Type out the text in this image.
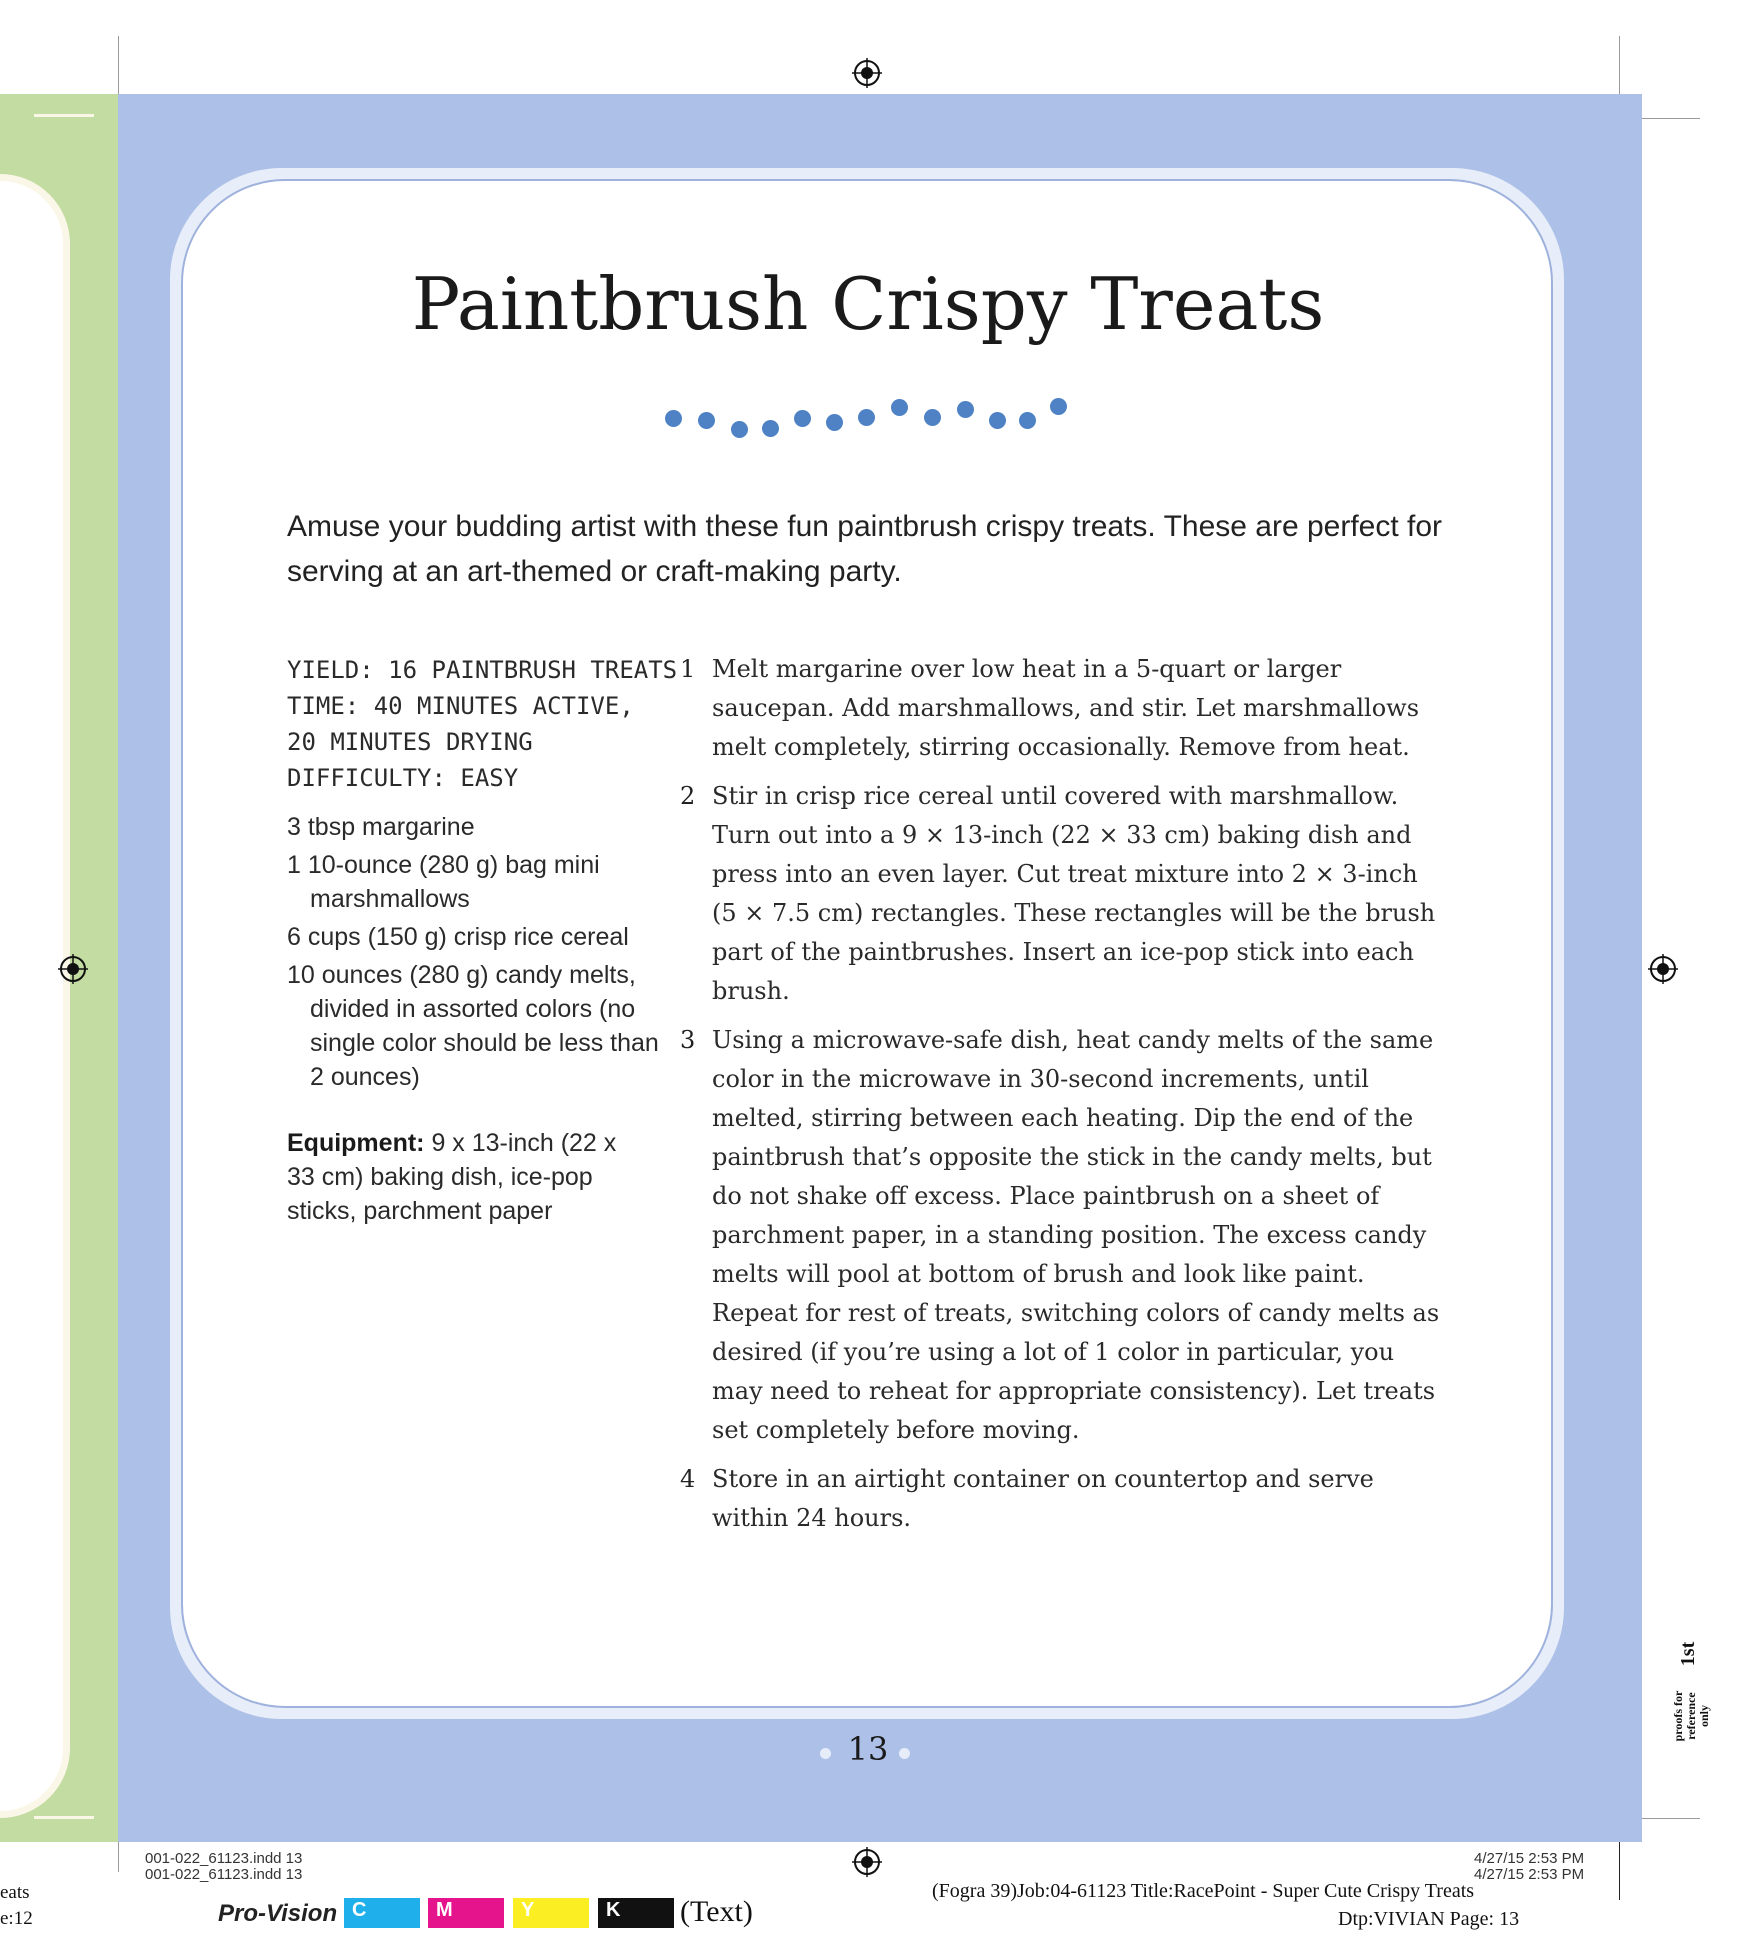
Paintbrush Crispy Treats
Amuse your budding artist with these fun paintbrush crispy treats. These are perfect for serving at an art-themed or craft-making party.
YIELD: 16 PAINTBRUSH TREATS
TIME: 40 MINUTES ACTIVE,
20 MINUTES DRYING
DIFFICULTY: EASY
3 tbsp margarine
1 10-ounce (280 g) bag mini marshmallows
6 cups (150 g) crisp rice cereal
10 ounces (280 g) candy melts, divided in assorted colors (no single color should be less than 2 ounces)
Equipment: 9 x 13-inch (22 x 33 cm) baking dish, ice-pop sticks, parchment paper
1 Melt margarine over low heat in a 5-quart or larger saucepan. Add marshmallows, and stir. Let marshmallows melt completely, stirring occasionally. Remove from heat.
2 Stir in crisp rice cereal until covered with marshmallow. Turn out into a 9 × 13-inch (22 × 33 cm) baking dish and press into an even layer. Cut treat mixture into 2 × 3-inch (5 × 7.5 cm) rectangles. These rectangles will be the brush part of the paintbrushes. Insert an ice-pop stick into each brush.
3 Using a microwave-safe dish, heat candy melts of the same color in the microwave in 30-second increments, until melted, stirring between each heating. Dip the end of the paintbrush that’s opposite the stick in the candy melts, but do not shake off excess. Place paintbrush on a sheet of parchment paper, in a standing position. The excess candy melts will pool at bottom of brush and look like paint. Repeat for rest of treats, switching colors of candy melts as desired (if you’re using a lot of 1 color in particular, you may need to reheat for appropriate consistency). Let treats set completely before moving.
4 Store in an airtight container on countertop and serve within 24 hours.
13
001-022_61123.indd 13
001-022_61123.indd 13
4/27/15 2:53 PM
4/27/15 2:53 PM
eats
e:12	Pro-Vision C	M	Y	K	(Text)
(Fogra 39)Job:04-61123 Title:RacePoint - Super Cute Crispy Treats
Dtp:VIVIAN Page: 13
1st
proofs for reference only
